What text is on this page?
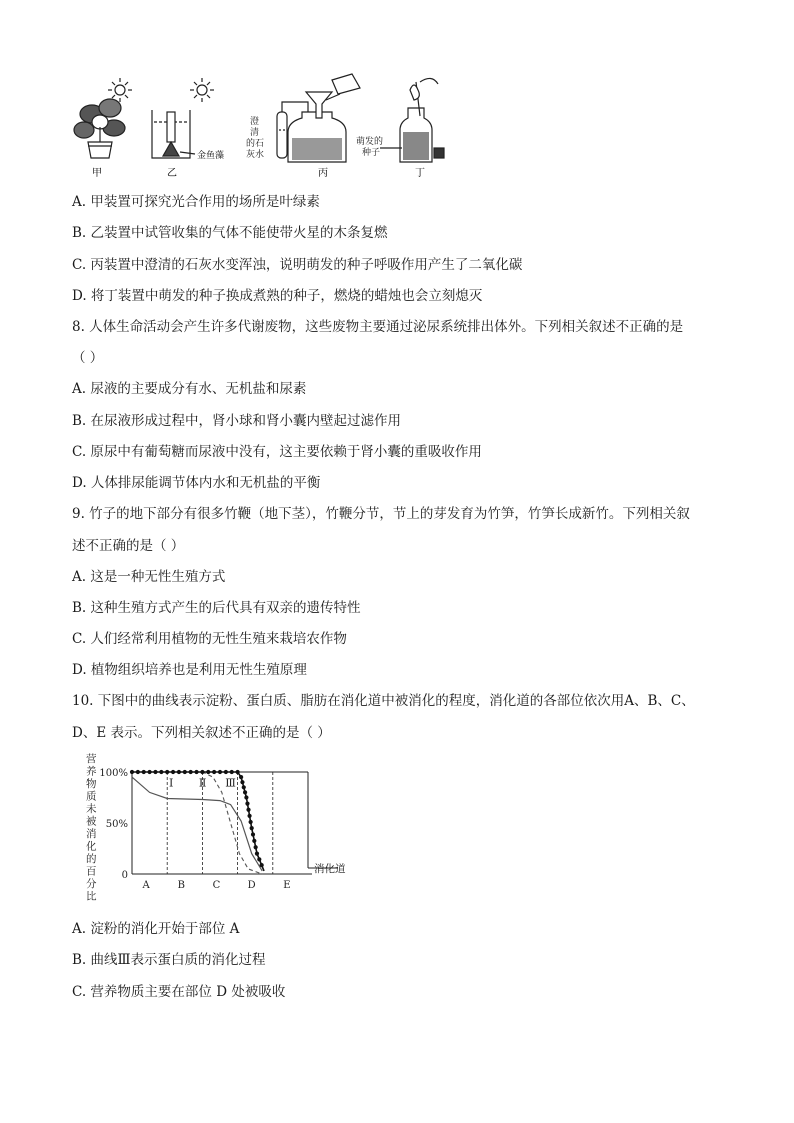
甲
金鱼藻
乙
澄
清
的石
灰水
丙
萌发的
种子
丁
A. 甲装置可探究光合作用的场所是叶绿素
B. 乙装置中试管收集的气体不能使带火星的木条复燃
C. 丙装置中澄清的石灰水变浑浊，说明萌发的种子呼吸作用产生了二氧化碳
D. 将丁装置中萌发的种子换成煮熟的种子，燃烧的蜡烛也会立刻熄灭
8. 人体生命活动会产生许多代谢废物，这些废物主要通过泌尿系统排出体外。下列相关叙述不正确的是
（ ）
A. 尿液的主要成分有水、无机盐和尿素
B. 在尿液形成过程中，肾小球和肾小囊内壁起过滤作用
C. 原尿中有葡萄糖而尿液中没有，这主要依赖于肾小囊的重吸收作用
D. 人体排尿能调节体内水和无机盐的平衡
9. 竹子的地下部分有很多竹鞭（地下茎），竹鞭分节，节上的芽发育为竹笋，竹笋长成新竹。下列相关叙
述不正确的是（ ）
A. 这是一种无性生殖方式
B. 这种生殖方式产生的后代具有双亲的遗传特性
C. 人们经常利用植物的无性生殖来栽培农作物
D. 植物组织培养也是利用无性生殖原理
10. 下图中的曲线表示淀粉、蛋白质、脂肪在消化道中被消化的程度，消化道的各部位依次用A、B、C、
D、E 表示。下列相关叙述不正确的是（ ）
营
养
物
质
未
被
消
化
的
百
分
比
Ⅰ Ⅱ Ⅲ
100%
50%
0
A	B	C	D	E
消化道
A. 淀粉的消化开始于部位 A
B. 曲线Ⅲ表示蛋白质的消化过程
C. 营养物质主要在部位 D 处被吸收
